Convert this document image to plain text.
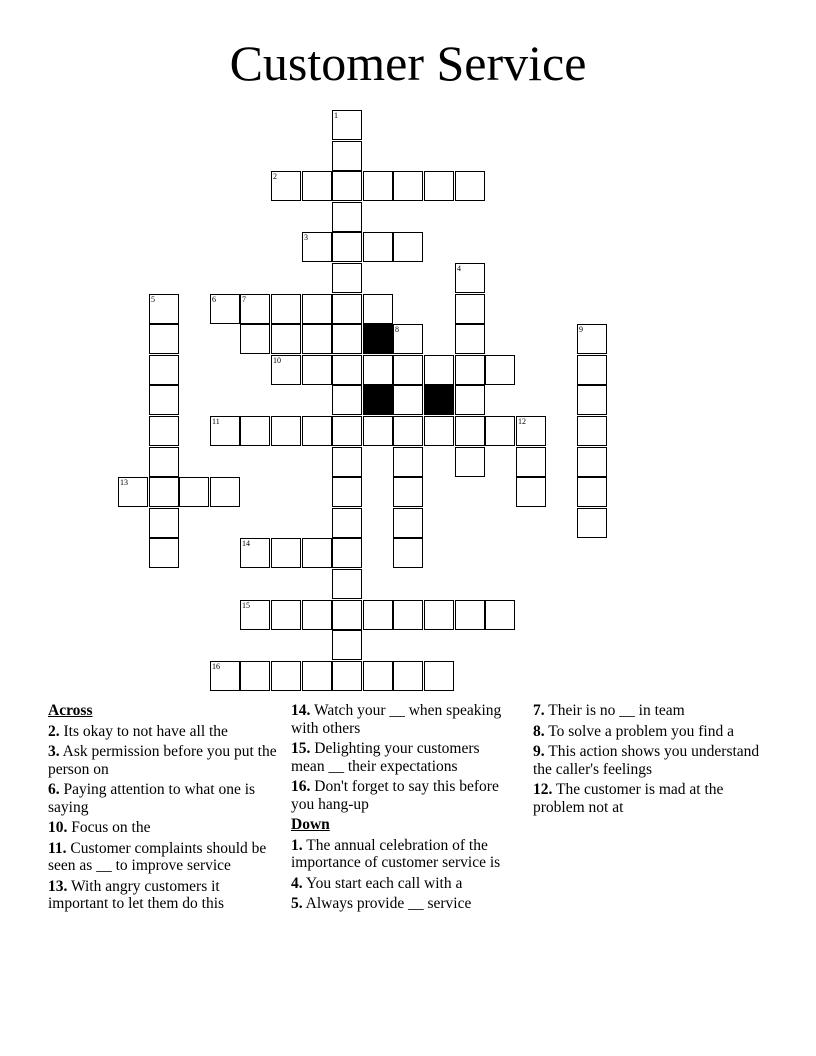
Customer Service
1
2
3
4
5	6	7
8	9
10
11	12
13
14
15
16
Across
2. Its okay to not have all the
3. Ask permission before you put the person on
6. Paying attention to what one is saying
10. Focus on the
11. Customer complaints should be seen as __ to improve service
13. With angry customers it important to let them do this
14. Watch your __ when speaking with others
15. Delighting your customers mean __ their expectations
16. Don't forget to say this before you hang-up
Down
1. The annual celebration of the importance of customer service is
4. You start each call with a
5. Always provide __ service
7. Their is no __ in team
8. To solve a problem you find a
9. This action shows you understand the caller's feelings
12. The customer is mad at the problem not at
